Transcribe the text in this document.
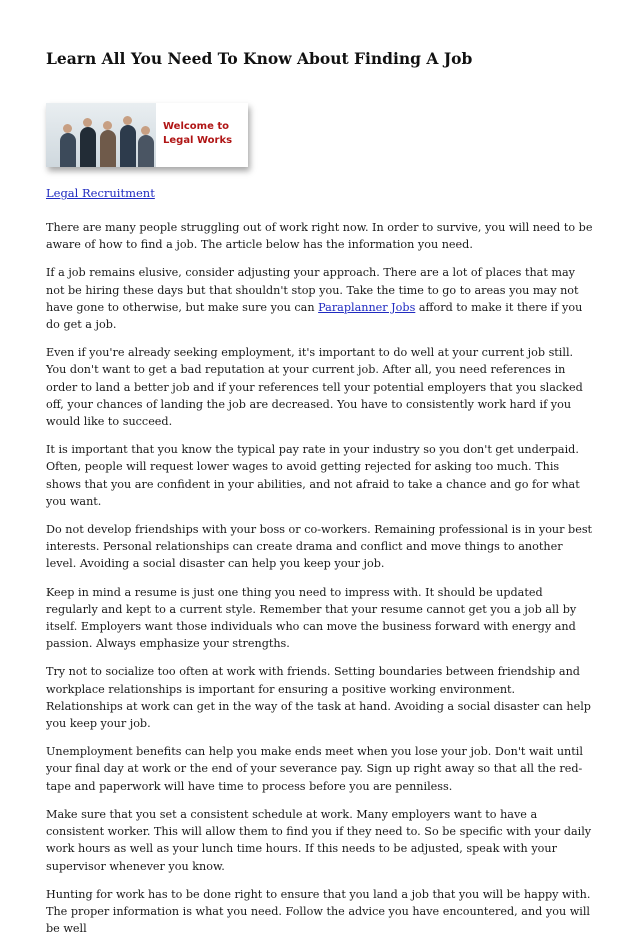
Learn All You Need To Know About Finding A Job
Welcome to
Legal Works
Legal Recruitment

There are many people struggling out of work right now. In order to survive, you will need to be aware of how to find a job. The article below has the information you need.

If a job remains elusive, consider adjusting your approach. There are a lot of places that may not be hiring these days but that shouldn't stop you. Take the time to go to areas you may not have gone to otherwise, but make sure you can Paraplanner Jobs afford to make it there if you do get a job.

Even if you're already seeking employment, it's important to do well at your current job still. You don't want to get a bad reputation at your current job. After all, you need references in order to land a better job and if your references tell your potential employers that you slacked off, your chances of landing the job are decreased. You have to consistently work hard if you would like to succeed.

It is important that you know the typical pay rate in your industry so you don't get underpaid. Often, people will request lower wages to avoid getting rejected for asking too much. This shows that you are confident in your abilities, and not afraid to take a chance and go for what you want.

Do not develop friendships with your boss or co-workers. Remaining professional is in your best interests. Personal relationships can create drama and conflict and move things to another level. Avoiding a social disaster can help you keep your job.

Keep in mind a resume is just one thing you need to impress with. It should be updated regularly and kept to a current style. Remember that your resume cannot get you a job all by itself. Employers want those individuals who can move the business forward with energy and passion. Always emphasize your strengths.

Try not to socialize too often at work with friends. Setting boundaries between friendship and workplace relationships is important for ensuring a positive working environment. Relationships at work can get in the way of the task at hand. Avoiding a social disaster can help you keep your job.

Unemployment benefits can help you make ends meet when you lose your job. Don't wait until your final day at work or the end of your severance pay. Sign up right away so that all the red-tape and paperwork will have time to process before you are penniless.

Make sure that you set a consistent schedule at work. Many employers want to have a consistent worker. This will allow them to find you if they need to. So be specific with your daily work hours as well as your lunch time hours. If this needs to be adjusted, speak with your supervisor whenever you know.

Hunting for work has to be done right to ensure that you land a job that you will be happy with. The proper information is what you need. Follow the advice you have encountered, and you will be well
